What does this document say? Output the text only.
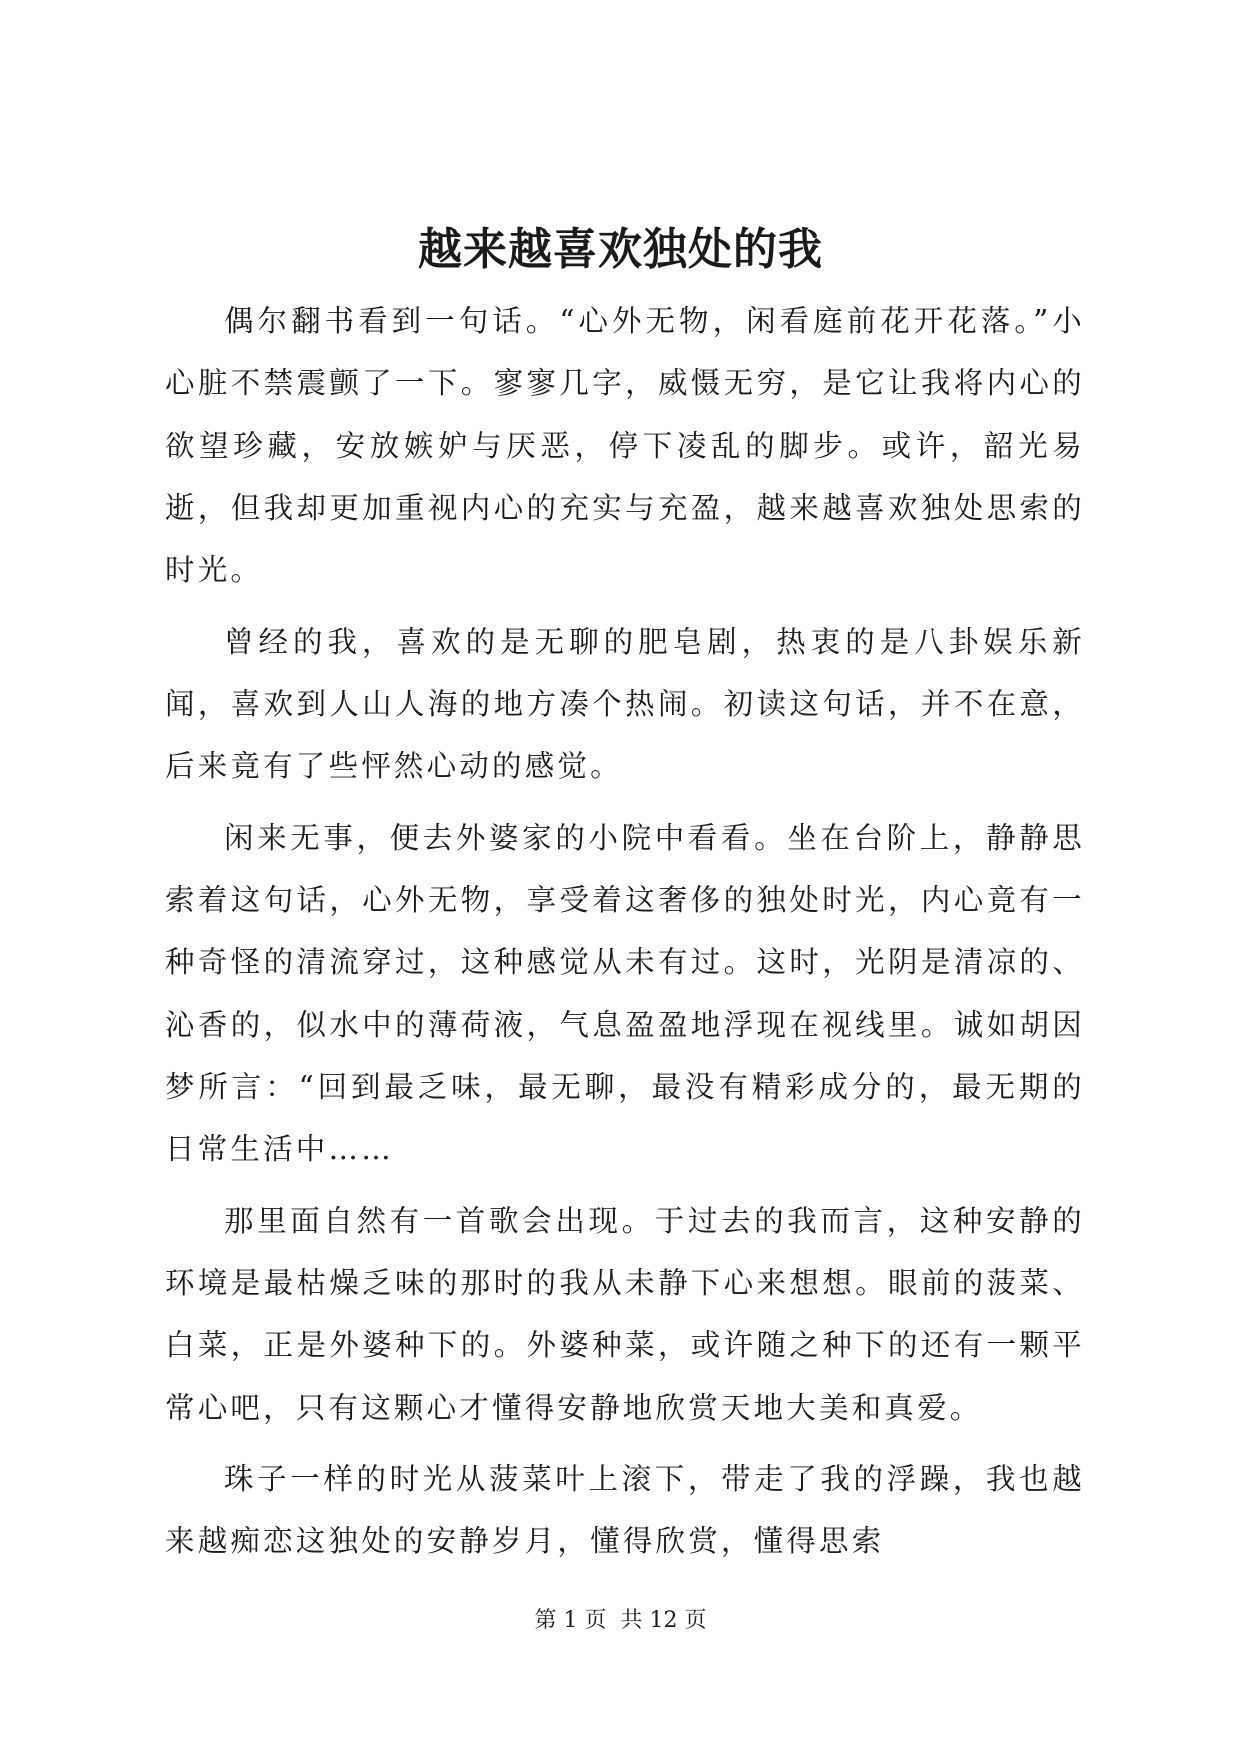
越来越喜欢独处的我

偶尔翻书看到一句话。“心外无物，闲看庭前花开花落。”小心脏不禁震颤了一下。寥寥几字，威慑无穷，是它让我将内心的欲望珍藏，安放嫉妒与厌恶，停下凌乱的脚步。或许，韶光易逝，但我却更加重视内心的充实与充盈，越来越喜欢独处思索的时光。

曾经的我，喜欢的是无聊的肥皂剧，热衷的是八卦娱乐新闻，喜欢到人山人海的地方凑个热闹。初读这句话，并不在意，后来竟有了些怦然心动的感觉。

闲来无事，便去外婆家的小院中看看。坐在台阶上，静静思索着这句话，心外无物，享受着这奢侈的独处时光，内心竟有一种奇怪的清流穿过，这种感觉从未有过。这时，光阴是清凉的、沁香的，似水中的薄荷液，气息盈盈地浮现在视线里。诚如胡因梦所言：“回到最乏味，最无聊，最没有精彩成分的，最无期的日常生活中……

那里面自然有一首歌会出现。于过去的我而言，这种安静的环境是最枯燥乏味的那时的我从未静下心来想想。眼前的菠菜、白菜，正是外婆种下的。外婆种菜，或许随之种下的还有一颗平常心吧，只有这颗心才懂得安静地欣赏天地大美和真爱。

珠子一样的时光从菠菜叶上滚下，带走了我的浮躁，我也越来越痴恋这独处的安静岁月，懂得欣赏，懂得思索

第 1 页 共 12 页
